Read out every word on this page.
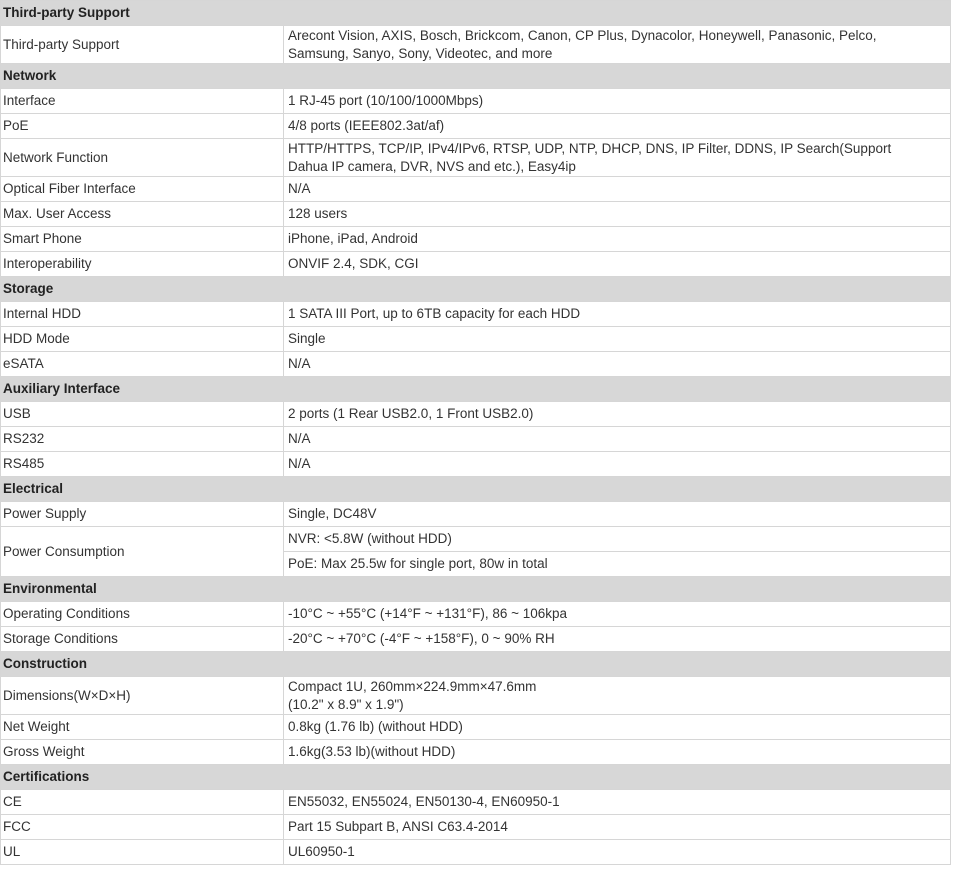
Third-party Support	
Third-party Support	Arecont Vision, AXIS, Bosch, Brickcom, Canon, CP Plus, Dynacolor, Honeywell, Panasonic, Pelco,
Samsung, Sanyo, Sony, Videotec, and more

Network	
Interface	1 RJ-45 port (10/100/1000Mbps)

PoE	4/8 ports (IEEE802.3at/af)

Network Function	HTTP/HTTPS, TCP/IP, IPv4/IPv6, RTSP, UDP, NTP, DHCP, DNS, IP Filter, DDNS, IP Search(Support
Dahua IP camera, DVR, NVS and etc.), Easy4ip

Optical Fiber Interface	N/A

Max. User Access	128 users

Smart Phone	iPhone, iPad, Android

Interoperability	ONVIF 2.4, SDK, CGI

Storage	
Internal HDD	1 SATA III Port, up to 6TB capacity for each HDD

HDD Mode	Single

eSATA	N/A

Auxiliary Interface	
USB	2 ports (1 Rear USB2.0, 1 Front USB2.0)

RS232	N/A

RS485	N/A

Electrical	
Power Supply	Single, DC48V

Power Consumption	NVR: <5.8W (without HDD)
	PoE: Max 25.5w for single port, 80w in total
Environmental	
Operating Conditions	-10°C ~ +55°C (+14°F ~ +131°F), 86 ~ 106kpa

Storage Conditions	-20°C ~ +70°C (-4°F ~ +158°F), 0 ~ 90% RH

Construction	
Dimensions(W×D×H)	Compact 1U, 260mm×224.9mm×47.6mm
(10.2" x 8.9" x 1.9")

Net Weight	0.8kg (1.76 lb) (without HDD)

Gross Weight	1.6kg(3.53 lb)(without HDD)

Certifications	
CE	EN55032, EN55024, EN50130-4, EN60950-1

FCC	Part 15 Subpart B, ANSI C63.4-2014

UL	UL60950-1
